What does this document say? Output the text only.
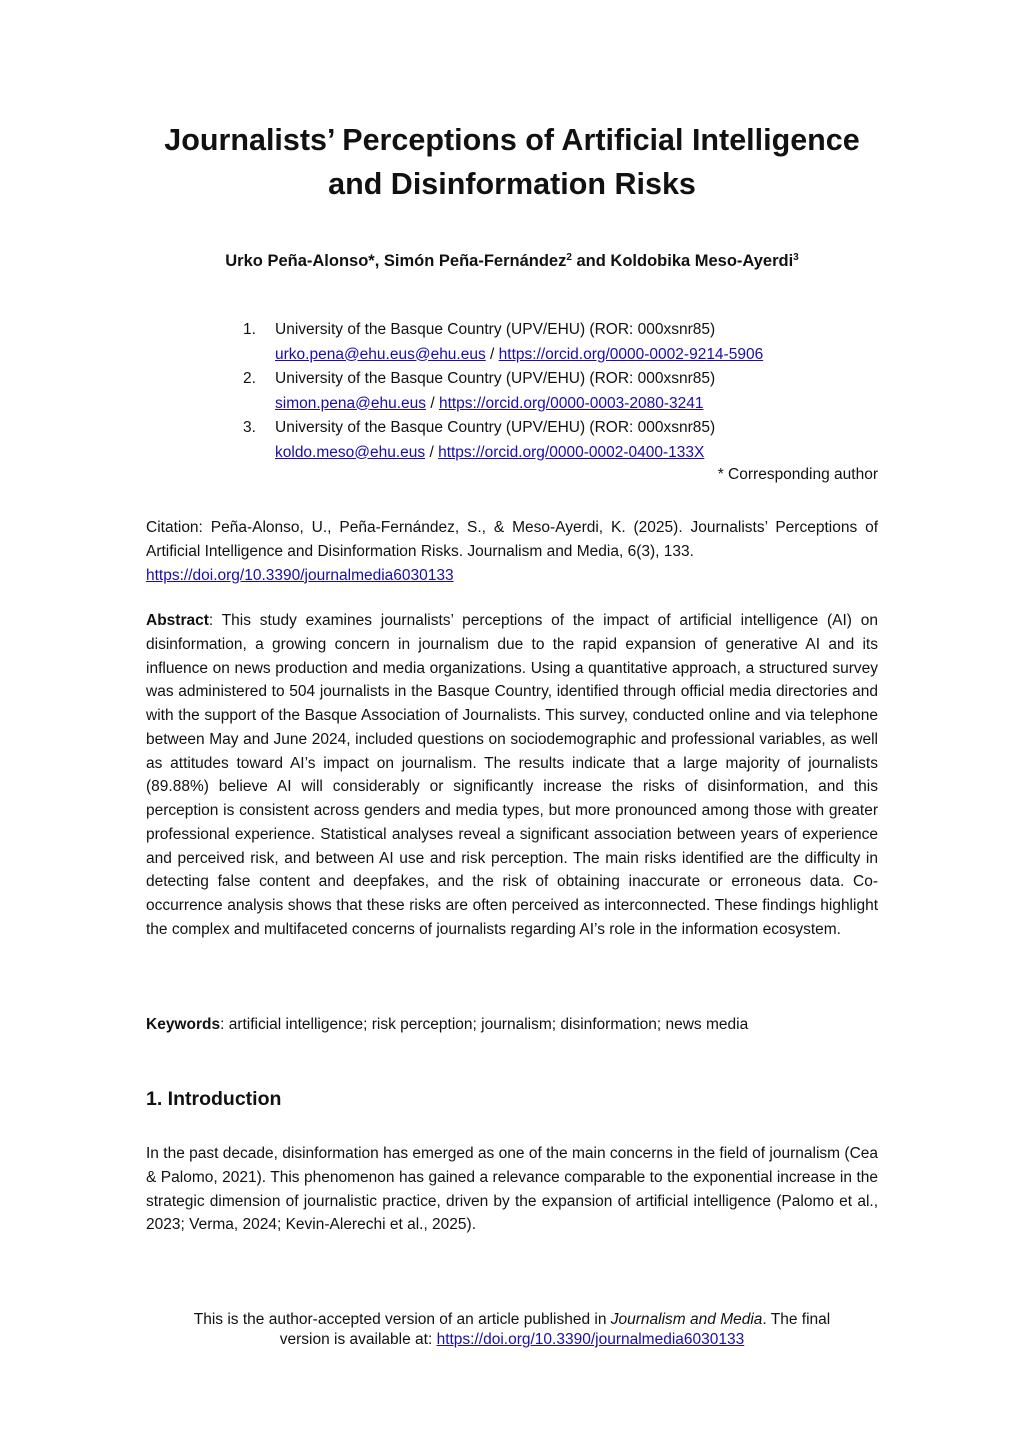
Journalists’ Perceptions of Artificial Intelligence
and Disinformation Risks
Urko Peña-Alonso*, Simón Peña-Fernández$^2$ and Koldobika Meso-Ayerdi$^3$
1.	University of the Basque Country (UPV/EHU) (ROR: 000xsnr85)
urko.pena@ehu.eus@ehu.eus / https://orcid.org/0000-0002-9214-5906
2.	University of the Basque Country (UPV/EHU) (ROR: 000xsnr85)
simon.pena@ehu.eus / https://orcid.org/0000-0003-2080-3241
3.	University of the Basque Country (UPV/EHU) (ROR: 000xsnr85)
koldo.meso@ehu.eus / https://orcid.org/0000-0002-0400-133X
* Corresponding author
Citation: Peña-Alonso, U., Peña-Fernández, S., & Meso-Ayerdi, K. (2025). Journalists’ Perceptions of Artificial Intelligence and Disinformation Risks. Journalism and Media, 6(3), 133.
https://doi.org/10.3390/journalmedia6030133
Abstract: This study examines journalists’ perceptions of the impact of artificial intelligence (AI) on disinformation, a growing concern in journalism due to the rapid expansion of generative AI and its influence on news production and media organizations. Using a quantitative approach, a structured survey was administered to 504 journalists in the Basque Country, identified through official media directories and with the support of the Basque Association of Journalists. This survey, conducted online and via telephone between May and June 2024, included questions on sociodemographic and professional variables, as well as attitudes toward AI’s impact on journalism. The results indicate that a large majority of journalists (89.88%) believe AI will considerably or significantly increase the risks of disinformation, and this perception is consistent across genders and media types, but more pronounced among those with greater professional experience. Statistical analyses reveal a significant association between years of experience and perceived risk, and between AI use and risk perception. The main risks identified are the difficulty in detecting false content and deepfakes, and the risk of obtaining inaccurate or erroneous data. Co-occurrence analysis shows that these risks are often perceived as interconnected. These findings highlight the complex and multifaceted concerns of journalists regarding AI’s role in the information ecosystem.
Keywords: artificial intelligence; risk perception; journalism; disinformation; news media
1. Introduction
In the past decade, disinformation has emerged as one of the main concerns in the field of journalism (Cea & Palomo, 2021). This phenomenon has gained a relevance comparable to the exponential increase in the strategic dimension of journalistic practice, driven by the expansion of artificial intelligence (Palomo et al., 2023; Verma, 2024; Kevin-Alerechi et al., 2025).
This is the author-accepted version of an article published in Journalism and Media. The final
version is available at: https://doi.org/10.3390/journalmedia6030133
